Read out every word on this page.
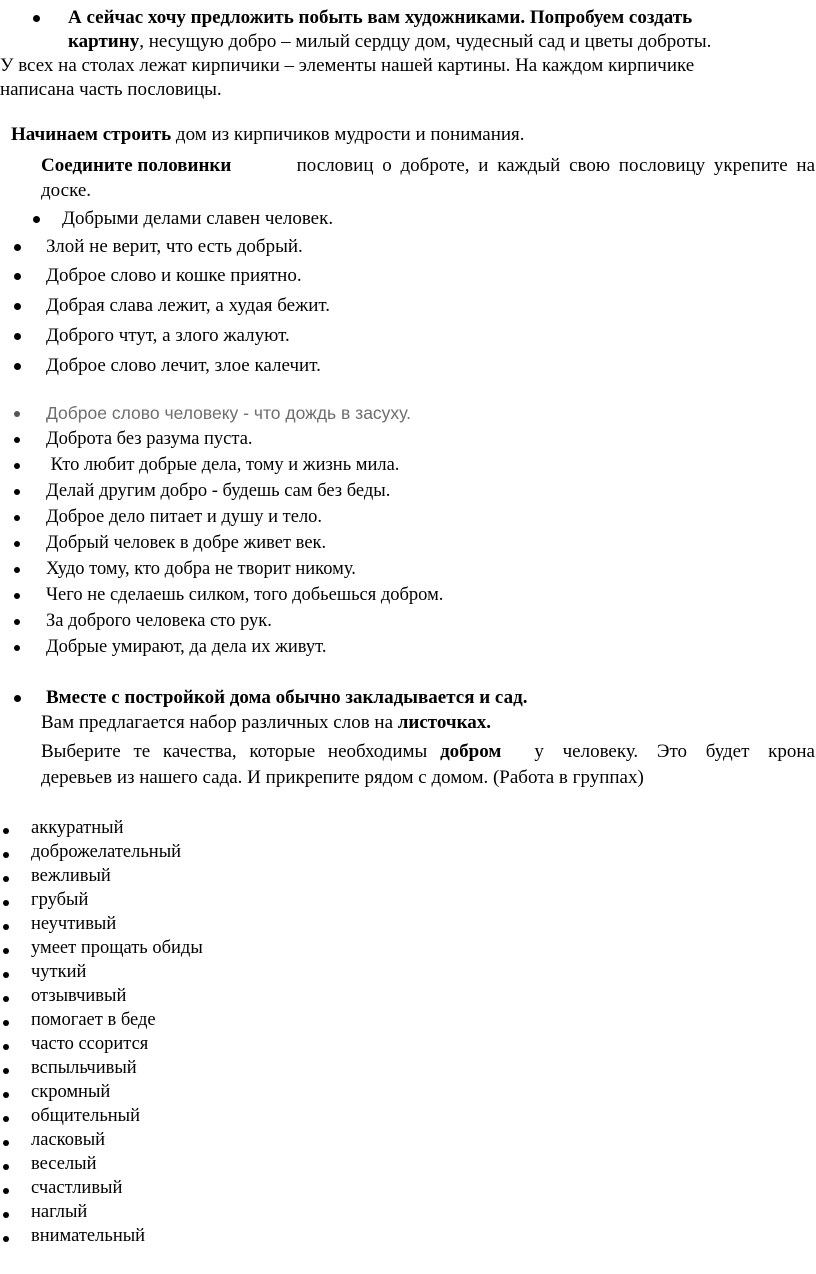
А сейчас хочу предложить побыть вам художниками. Попробуем создать
картину, несущую добро – милый сердцу дом, чудесный сад и цветы доброты.
У всех на столах лежат кирпичики – элементы нашей картины. На каждом кирпичике
написана часть пословицы.
Начинаем строить дом из кирпичиков мудрости и понимания.
Соедините половинки	пословиц о доброте, и каждый свою пословицу укрепите на
доске.
Добрыми делами славен человек.
Злой не верит, что есть добрый.
Доброе слово и кошке приятно.
Добрая слава лежит, а худая бежит.
Доброго чтут, а злого жалуют.
Доброе слово лечит, злое калечит.
Доброе слово человеку - что дождь в засуху.
Доброта без разума пуста.
Кто любит добрые дела, тому и жизнь мила.
Делай другим добро - будешь сам без беды.
Доброе дело питает и душу и тело.
Добрый человек в добре живет век.
Худо тому, кто добра не творит никому.
Чего не сделаешь силком, того добьешься добром.
За доброго человека сто рук.
Добрые умирают, да дела их живут.
Вместе с постройкой дома обычно закладывается и сад.
Вам предлагается набор различных слов на листочках.
Выберите те качества, которые необходимы добром у человеку. Это будет крона
деревьев из нашего сада. И прикрепите рядом с домом. (Работа в группах)
аккуратный
доброжелательный
вежливый
грубый
неучтивый
умеет прощать обиды
чуткий
отзывчивый
помогает в беде
часто ссорится
вспыльчивый
скромный
общительный
ласковый
веселый
счастливый
наглый
внимательный
